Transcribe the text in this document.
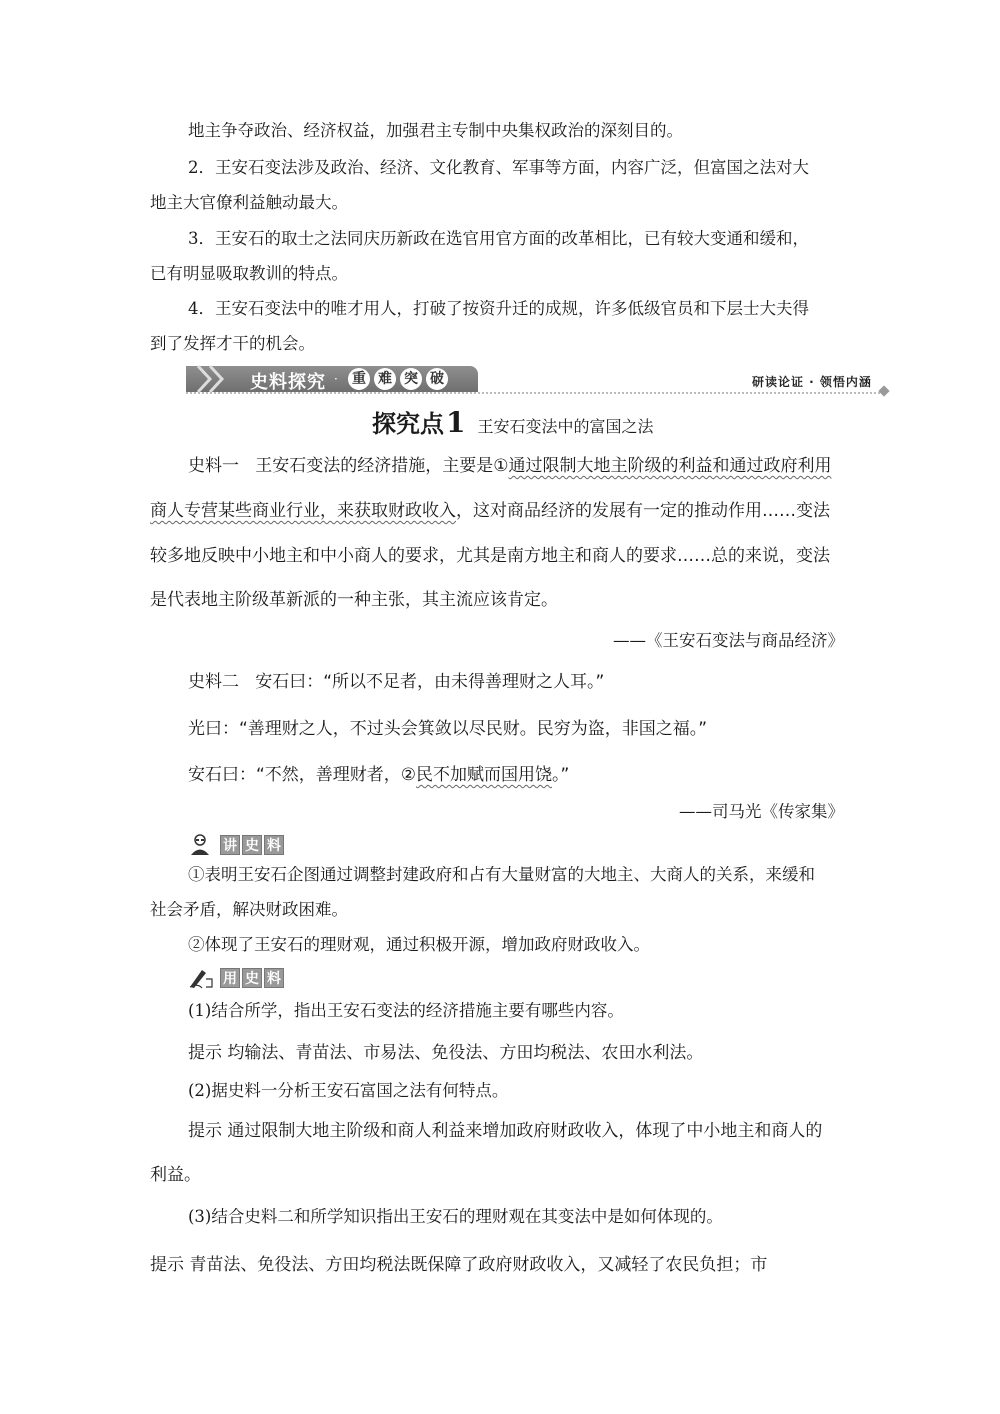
地主争夺政治、经济权益，加强君主专制中央集权政治的深刻目的。
2．王安石变法涉及政治、经济、文化教育、军事等方面，内容广泛，但富国之法对大
地主大官僚利益触动最大。
3．王安石的取士之法同庆历新政在选官用官方面的改革相比，已有较大变通和缓和，
已有明显吸取教训的特点。
4．王安石变法中的唯才用人，打破了按资升迁的成规，许多低级官员和下层士大夫得
到了发挥才干的机会。
史料探究 · 重 难 突 破	研读论证 · 领悟内涵
探究点1 王安石变法中的富国之法
史料一 王安石变法的经济措施，主要是①通过限制大地主阶级的利益和通过政府利用
商人专营某些商业行业，来获取财政收入，这对商品经济的发展有一定的推动作用……变法
较多地反映中小地主和中小商人的要求，尤其是南方地主和商人的要求……总的来说，变法
是代表地主阶级革新派的一种主张，其主流应该肯定。
——《王安石变法与商品经济》
史料二 安石曰：“所以不足者，由未得善理财之人耳。”
光曰：“善理财之人，不过头会箕敛以尽民财。民穷为盗，非国之福。”
安石曰：“不然，善理财者，②民不加赋而国用饶。”
——司马光《传家集》
讲 史 料
①表明王安石企图通过调整封建政府和占有大量财富的大地主、大商人的关系，来缓和
社会矛盾，解决财政困难。
②体现了王安石的理财观，通过积极开源，增加政府财政收入。
用 史 料
(1)结合所学，指出王安石变法的经济措施主要有哪些内容。
提示 均输法、青苗法、市易法、免役法、方田均税法、农田水利法。
(2)据史料一分析王安石富国之法有何特点。
提示 通过限制大地主阶级和商人利益来增加政府财政收入，体现了中小地主和商人的
利益。
(3)结合史料二和所学知识指出王安石的理财观在其变法中是如何体现的。
提示 青苗法、免役法、方田均税法既保障了政府财政收入，又减轻了农民负担；市
